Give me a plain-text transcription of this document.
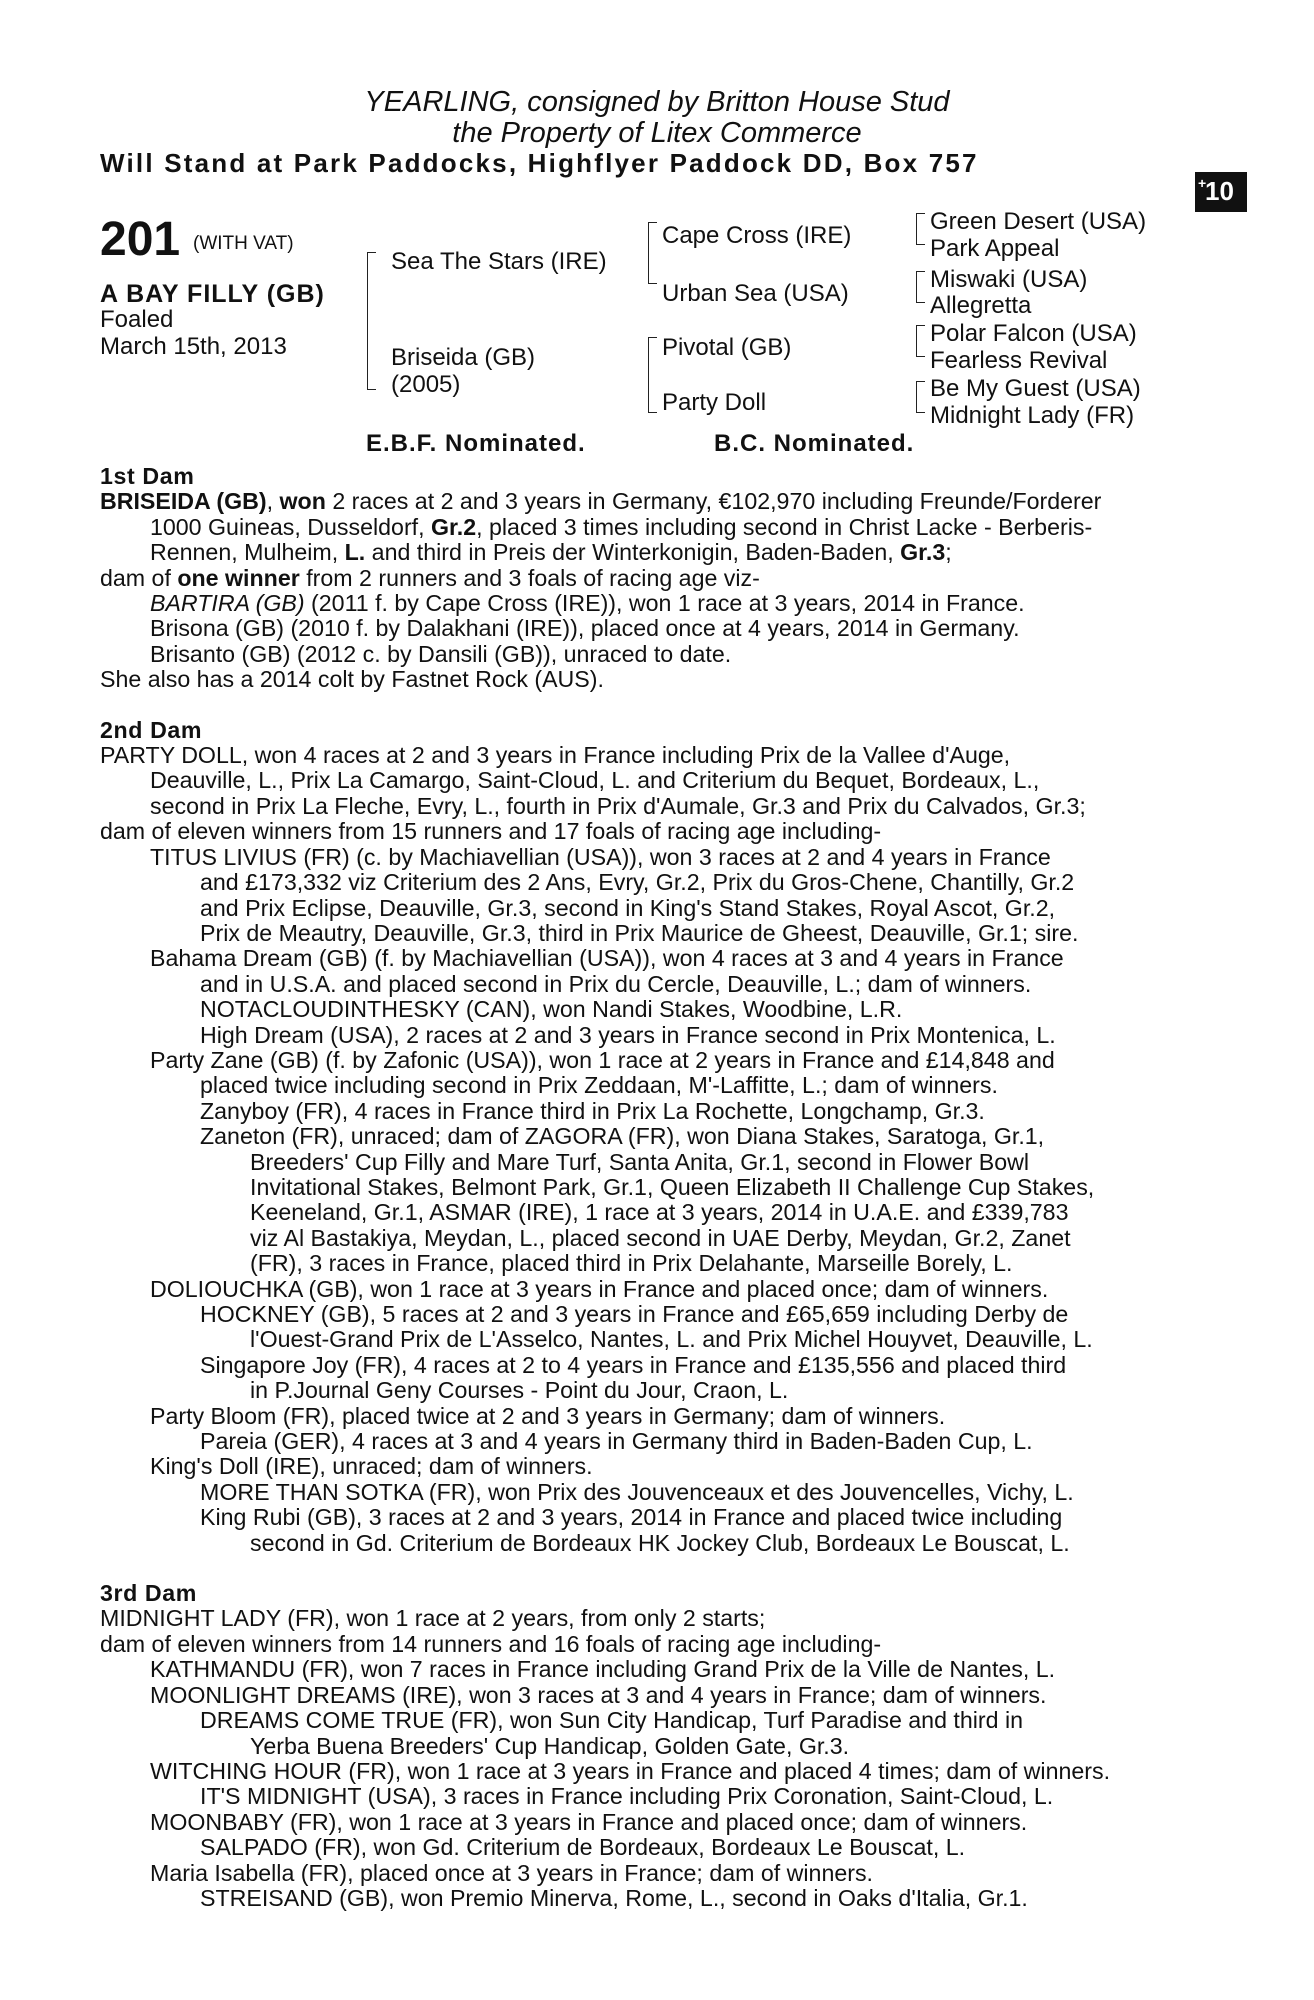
YEARLING, consigned by Britton House Stud
the Property of Litex Commerce
Will Stand at Park Paddocks, Highflyer Paddock DD, Box 757
+
10
201 (WITH VAT)
A BAY FILLY (GB)
Foaled
March 15th, 2013
Sea The Stars (IRE)
Briseida (GB)
(2005)
Cape Cross (IRE)
Urban Sea (USA)
Pivotal (GB)
Party Doll
Green Desert (USA)
Park Appeal
Miswaki (USA)
Allegretta
Polar Falcon (USA)
Fearless Revival
Be My Guest (USA)
Midnight Lady (FR)
E.B.F. Nominated.	B.C. Nominated.

1st Dam

BRISEIDA (GB), won 2 races at 2 and 3 years in Germany, €102,970 including Freunde/Forderer

1000 Guineas, Dusseldorf, Gr.2, placed 3 times including second in Christ Lacke - Berberis-

Rennen, Mulheim, L. and third in Preis der Winterkonigin, Baden-Baden, Gr.3;

dam of one winner from 2 runners and 3 foals of racing age viz-

BARTIRA (GB) (2011 f. by Cape Cross (IRE)), won 1 race at 3 years, 2014 in France.

Brisona (GB) (2010 f. by Dalakhani (IRE)), placed once at 4 years, 2014 in Germany.

Brisanto (GB) (2012 c. by Dansili (GB)), unraced to date.

She also has a 2014 colt by Fastnet Rock (AUS).

2nd Dam

PARTY DOLL, won 4 races at 2 and 3 years in France including Prix de la Vallee d'Auge,

Deauville, L., Prix La Camargo, Saint-Cloud, L. and Criterium du Bequet, Bordeaux, L.,

second in Prix La Fleche, Evry, L., fourth in Prix d'Aumale, Gr.3 and Prix du Calvados, Gr.3;

dam of eleven winners from 15 runners and 17 foals of racing age including-

TITUS LIVIUS (FR) (c. by Machiavellian (USA)), won 3 races at 2 and 4 years in France

and £173,332 viz Criterium des 2 Ans, Evry, Gr.2, Prix du Gros-Chene, Chantilly, Gr.2

and Prix Eclipse, Deauville, Gr.3, second in King's Stand Stakes, Royal Ascot, Gr.2,

Prix de Meautry, Deauville, Gr.3, third in Prix Maurice de Gheest, Deauville, Gr.1; sire.

Bahama Dream (GB) (f. by Machiavellian (USA)), won 4 races at 3 and 4 years in France

and in U.S.A. and placed second in Prix du Cercle, Deauville, L.; dam of winners.

NOTACLOUDINTHESKY (CAN), won Nandi Stakes, Woodbine, L.R.

High Dream (USA), 2 races at 2 and 3 years in France second in Prix Montenica, L.

Party Zane (GB) (f. by Zafonic (USA)), won 1 race at 2 years in France and £14,848 and

placed twice including second in Prix Zeddaan, M'-Laffitte, L.; dam of winners.

Zanyboy (FR), 4 races in France third in Prix La Rochette, Longchamp, Gr.3.

Zaneton (FR), unraced; dam of ZAGORA (FR), won Diana Stakes, Saratoga, Gr.1,

Breeders' Cup Filly and Mare Turf, Santa Anita, Gr.1, second in Flower Bowl

Invitational Stakes, Belmont Park, Gr.1, Queen Elizabeth II Challenge Cup Stakes,

Keeneland, Gr.1, ASMAR (IRE), 1 race at 3 years, 2014 in U.A.E. and £339,783

viz Al Bastakiya, Meydan, L., placed second in UAE Derby, Meydan, Gr.2, Zanet

(FR), 3 races in France, placed third in Prix Delahante, Marseille Borely, L.

DOLIOUCHKA (GB), won 1 race at 3 years in France and placed once; dam of winners.

HOCKNEY (GB), 5 races at 2 and 3 years in France and £65,659 including Derby de

l'Ouest-Grand Prix de L'Asselco, Nantes, L. and Prix Michel Houyvet, Deauville, L.

Singapore Joy (FR), 4 races at 2 to 4 years in France and £135,556 and placed third

in P.Journal Geny Courses - Point du Jour, Craon, L.

Party Bloom (FR), placed twice at 2 and 3 years in Germany; dam of winners.

Pareia (GER), 4 races at 3 and 4 years in Germany third in Baden-Baden Cup, L.

King's Doll (IRE), unraced; dam of winners.

MORE THAN SOTKA (FR), won Prix des Jouvenceaux et des Jouvencelles, Vichy, L.

King Rubi (GB), 3 races at 2 and 3 years, 2014 in France and placed twice including

second in Gd. Criterium de Bordeaux HK Jockey Club, Bordeaux Le Bouscat, L.

3rd Dam

MIDNIGHT LADY (FR), won 1 race at 2 years, from only 2 starts;

dam of eleven winners from 14 runners and 16 foals of racing age including-

KATHMANDU (FR), won 7 races in France including Grand Prix de la Ville de Nantes, L.

MOONLIGHT DREAMS (IRE), won 3 races at 3 and 4 years in France; dam of winners.

DREAMS COME TRUE (FR), won Sun City Handicap, Turf Paradise and third in

Yerba Buena Breeders' Cup Handicap, Golden Gate, Gr.3.

WITCHING HOUR (FR), won 1 race at 3 years in France and placed 4 times; dam of winners.

IT'S MIDNIGHT (USA), 3 races in France including Prix Coronation, Saint-Cloud, L.

MOONBABY (FR), won 1 race at 3 years in France and placed once; dam of winners.

SALPADO (FR), won Gd. Criterium de Bordeaux, Bordeaux Le Bouscat, L.

Maria Isabella (FR), placed once at 3 years in France; dam of winners.

STREISAND (GB), won Premio Minerva, Rome, L., second in Oaks d'Italia, Gr.1.
